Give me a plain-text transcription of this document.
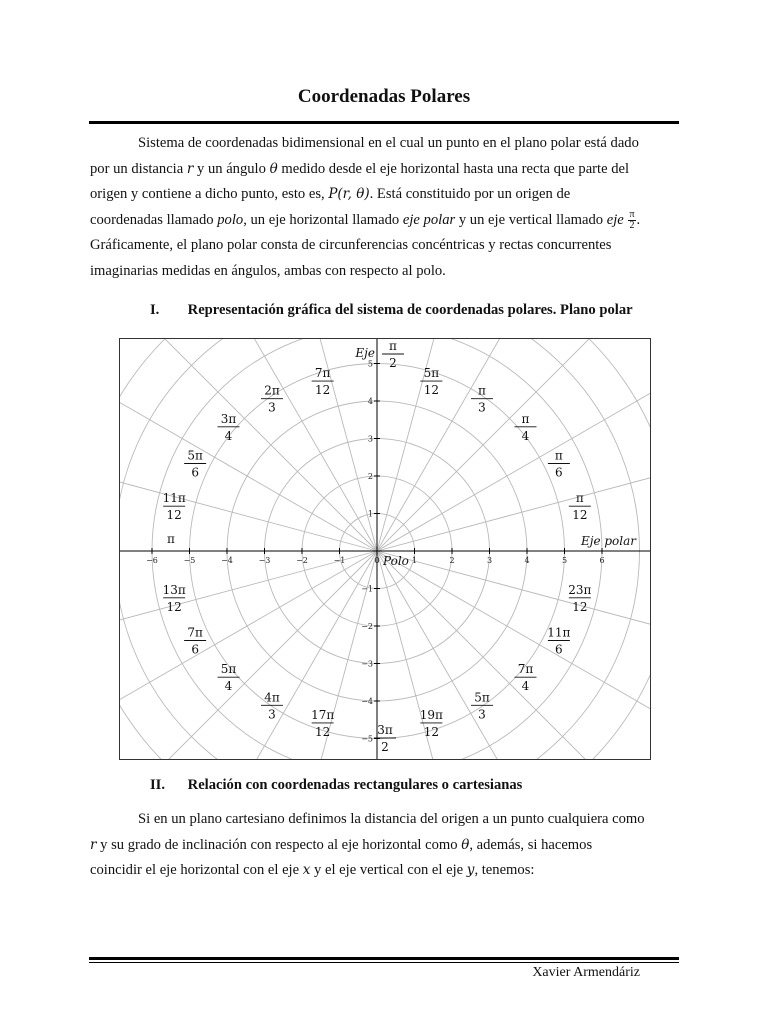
Coordenadas Polares
Sistema de coordenadas bidimensional en el cual un punto en el plano polar está dado
por un distancia r y un ángulo θ medido desde el eje horizontal hasta una recta que parte del
origen y contiene a dicho punto, esto es, P(r, θ). Está constituido por un origen de
coordenadas llamado polo, un eje horizontal llamado eje polar y un eje vertical llamado eje $\frac{\pi}{2}$ .
Gráficamente, el plano polar consta de circunferencias concéntricas y rectas concurrentes
imaginarias medidas en ángulos, ambas con respecto al polo.
I. Representación gráfica del sistema de coordenadas polares. Plano polar
−6	−5	−4	−3	−2	−1	0	1	2	3	4	5	6
5
4
3
2
1
−1
−2
−3
−4
−5
Polo
Eje polar
Eje
π
12
π
6
π
4
π
3
5π
12
π
2
7π
12
2π
3
3π
4
5π
6
11π
12
π
13π
12
7π
6
5π
4
4π
3	17π
12	3π
2
19π
12
5π
3
7π
4
11π
6
23π
12
II. Relación con coordenadas rectangulares o cartesianas
Si en un plano cartesiano definimos la distancia del origen a un punto cualquiera como
r y su grado de inclinación con respecto al eje horizontal como θ, además, si hacemos
coincidir el eje horizontal con el eje x y el eje vertical con el eje y, tenemos:
Xavier Armendáriz
